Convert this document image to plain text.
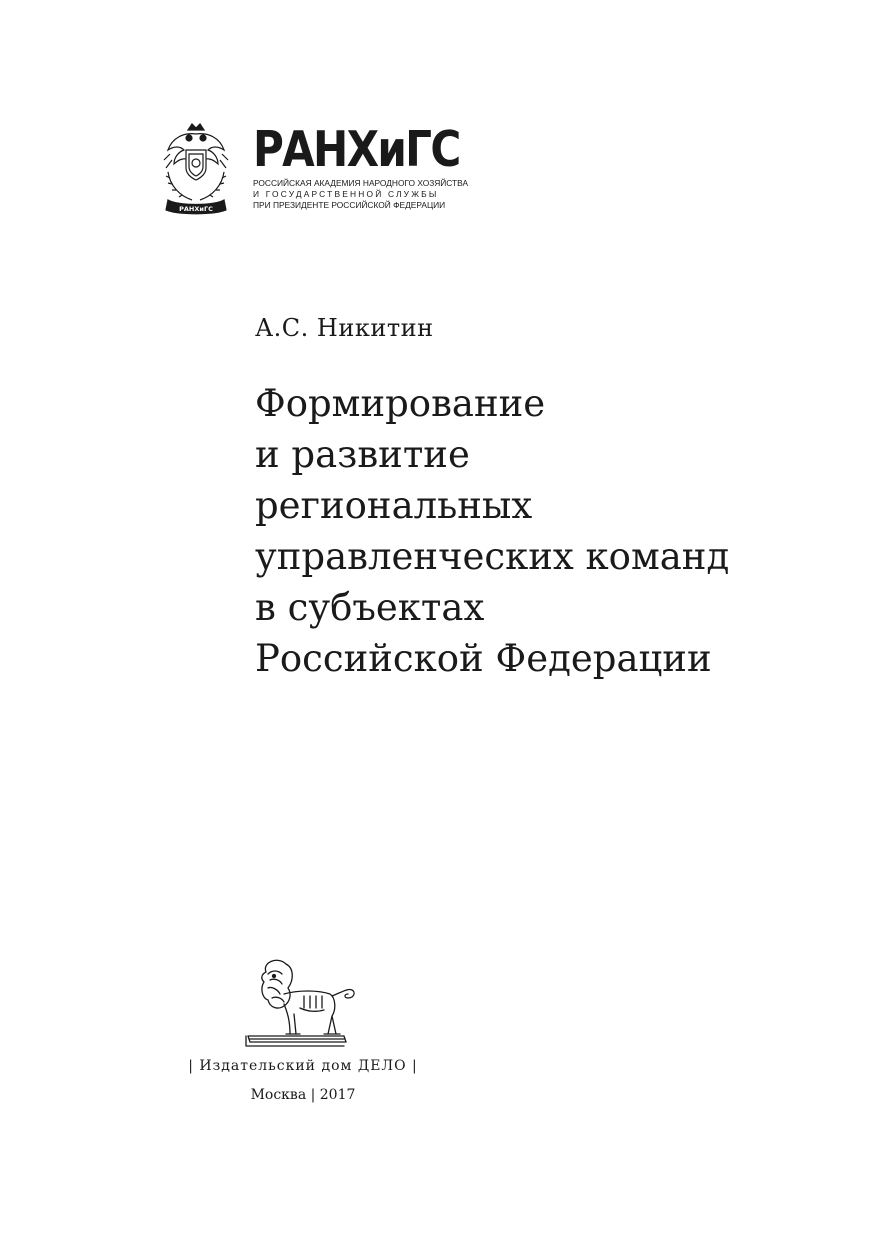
РАНХиГС
РАНХиГС
РОССИЙСКАЯ АКАДЕМИЯ НАРОДНОГО ХОЗЯЙСТВА
И ГОСУДАРСТВЕННОЙ СЛУЖБЫ
ПРИ ПРЕЗИДЕНТЕ РОССИЙСКОЙ ФЕДЕРАЦИИ
А.С. Никитин
Формирование
и развитие
региональных
управленческих команд
в субъектах
Российской Федерации
| Издательский дом ДЕЛО |
Москва | 2017
